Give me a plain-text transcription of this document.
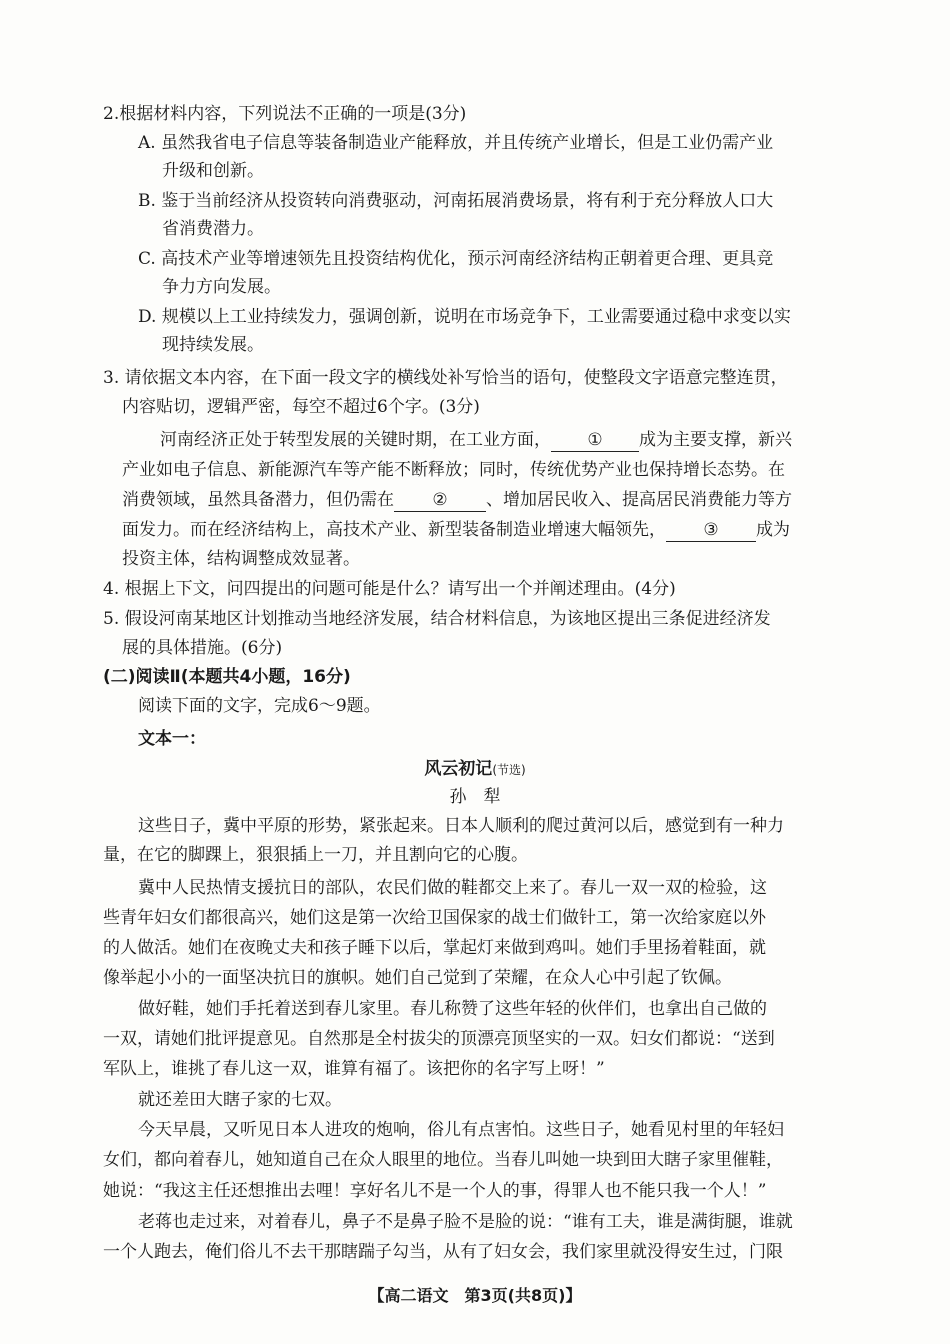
2.根据材料内容，下列说法不正确的一项是(3分)
A. 虽然我省电子信息等装备制造业产能释放，并且传统产业增长，但是工业仍需产业
升级和创新。
B. 鉴于当前经济从投资转向消费驱动，河南拓展消费场景，将有利于充分释放人口大
省消费潜力。
C. 高技术产业等增速领先且投资结构优化，预示河南经济结构正朝着更合理、更具竞
争力方向发展。
D. 规模以上工业持续发力，强调创新，说明在市场竞争下，工业需要通过稳中求变以实
现持续发展。
3. 请依据文本内容，在下面一段文字的横线处补写恰当的语句，使整段文字语意完整连贯，
内容贴切，逻辑严密，每空不超过6个字。(3分)
河南经济正处于转型发展的关键时期，在工业方面， ① 成为主要支撑，新兴
产业如电子信息、新能源汽车等产能不断释放；同时，传统优势产业也保持增长态势。在
消费领域，虽然具备潜力，但仍需在 ② 、增加居民收入、提高居民消费能力等方
面发力。而在经济结构上，高技术产业、新型装备制造业增速大幅领先， ③ 成为
投资主体，结构调整成效显著。
4. 根据上下文，问四提出的问题可能是什么？请写出一个并阐述理由。(4分)
5. 假设河南某地区计划推动当地经济发展，结合材料信息，为该地区提出三条促进经济发
展的具体措施。(6分)
(二)阅读Ⅱ(本题共4小题，16分)
阅读下面的文字，完成6～9题。
文本一：
风云初记(节选)
孙　犁
这些日子，冀中平原的形势，紧张起来。日本人顺利的爬过黄河以后，感觉到有一种力
量，在它的脚踝上，狠狠插上一刀，并且割向它的心腹。
冀中人民热情支援抗日的部队，农民们做的鞋都交上来了。春儿一双一双的检验，这
些青年妇女们都很高兴，她们这是第一次给卫国保家的战士们做针工，第一次给家庭以外
的人做活。她们在夜晚丈夫和孩子睡下以后，掌起灯来做到鸡叫。她们手里扬着鞋面，就
像举起小小的一面坚决抗日的旗帜。她们自己觉到了荣耀，在众人心中引起了钦佩。
做好鞋，她们手托着送到春儿家里。春儿称赞了这些年轻的伙伴们，也拿出自己做的
一双，请她们批评提意见。自然那是全村拔尖的顶漂亮顶坚实的一双。妇女们都说：“送到
军队上，谁挑了春儿这一双，谁算有福了。该把你的名字写上呀！”
就还差田大瞎子家的七双。
今天早晨，又听见日本人进攻的炮响，俗儿有点害怕。这些日子，她看见村里的年轻妇
女们，都向着春儿，她知道自己在众人眼里的地位。当春儿叫她一块到田大瞎子家里催鞋，
她说：“我这主任还想推出去哩！享好名儿不是一个人的事，得罪人也不能只我一个人！”
老蒋也走过来，对着春儿，鼻子不是鼻子脸不是脸的说：“谁有工夫，谁是满街腿，谁就
一个人跑去，俺们俗儿不去干那瞎踹子勾当，从有了妇女会，我们家里就没得安生过，门限
【高二语文　第3页(共8页)】
